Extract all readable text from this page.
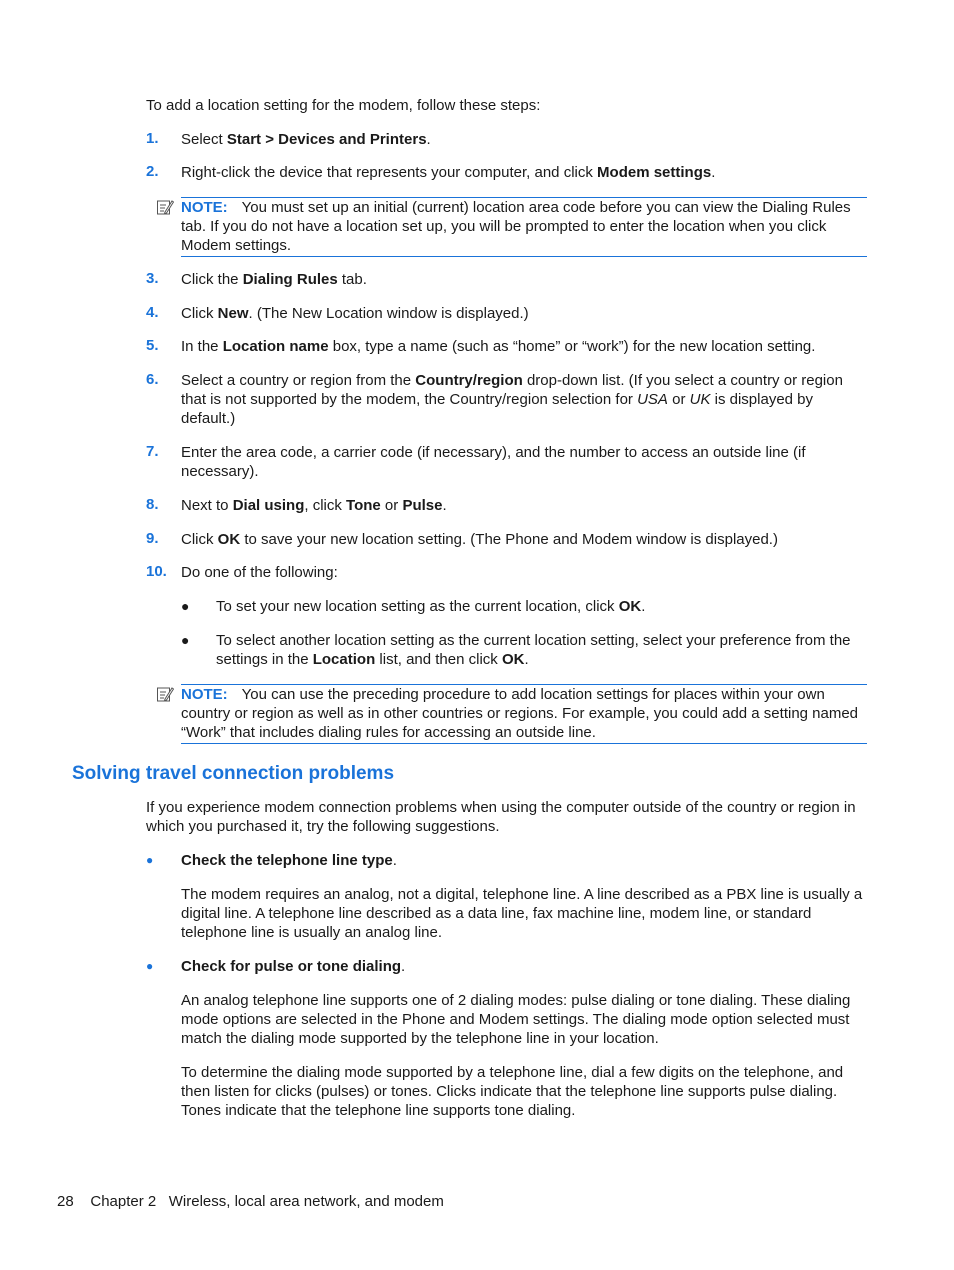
To add a location setting for the modem, follow these steps:
1. Select Start > Devices and Printers.
2. Right-click the device that represents your computer, and click Modem settings.
NOTE: You must set up an initial (current) location area code before you can view the Dialing Rules tab. If you do not have a location set up, you will be prompted to enter the location when you click Modem settings.
3. Click the Dialing Rules tab.
4. Click New. (The New Location window is displayed.)
5. In the Location name box, type a name (such as “home” or “work”) for the new location setting.
6. Select a country or region from the Country/region drop-down list. (If you select a country or region that is not supported by the modem, the Country/region selection for USA or UK is displayed by default.)
7. Enter the area code, a carrier code (if necessary), and the number to access an outside line (if necessary).
8. Next to Dial using, click Tone or Pulse.
9. Click OK to save your new location setting. (The Phone and Modem window is displayed.)
10. Do one of the following:
● To set your new location setting as the current location, click OK.
● To select another location setting as the current location setting, select your preference from the settings in the Location list, and then click OK.
NOTE: You can use the preceding procedure to add location settings for places within your own country or region as well as in other countries or regions. For example, you could add a setting named “Work” that includes dialing rules for accessing an outside line.
Solving travel connection problems
If you experience modem connection problems when using the computer outside of the country or region in which you purchased it, try the following suggestions.
● Check the telephone line type.
The modem requires an analog, not a digital, telephone line. A line described as a PBX line is usually a digital line. A telephone line described as a data line, fax machine line, modem line, or standard telephone line is usually an analog line.
● Check for pulse or tone dialing.
An analog telephone line supports one of 2 dialing modes: pulse dialing or tone dialing. These dialing mode options are selected in the Phone and Modem settings. The dialing mode option selected must match the dialing mode supported by the telephone line in your location.
To determine the dialing mode supported by a telephone line, dial a few digits on the telephone, and then listen for clicks (pulses) or tones. Clicks indicate that the telephone line supports pulse dialing. Tones indicate that the telephone line supports tone dialing.
28 Chapter 2 Wireless, local area network, and modem
